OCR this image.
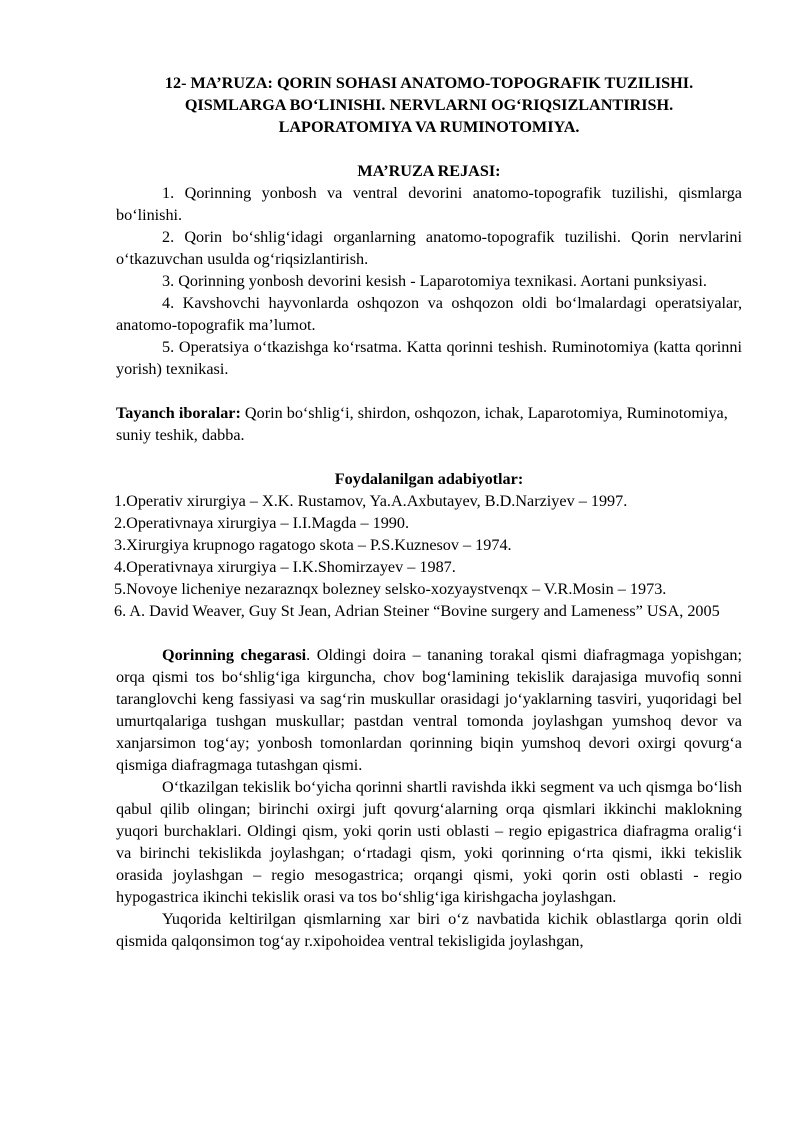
12- MA’RUZA: QORIN SOHASI ANATOMO-TOPOGRAFIK TUZILISHI.
QISMLARGA BO‘LINISHI. NERVLARNI OG‘RIQSIZLANTIRISH.
LAPORATOMIYA VA RUMINOTOMIYA.
MA’RUZA REJASI:

1. Qorinning yonbosh va ventral devorini anatomo-topografik tuzilishi, qismlarga bo‘linishi.

2. Qorin bo‘shlig‘idagi organlarning anatomo-topografik tuzilishi. Qorin nervlarini o‘tkazuvchan usulda og‘riqsizlantirish.

3. Qorinning yonbosh devorini kesish - Laparotomiya texnikasi. Aortani punksiyasi.

4. Kavshovchi hayvonlarda oshqozon va oshqozon oldi bo‘lmalardagi operatsiyalar, anatomo-topografik ma’lumot.

5. Operatsiya o‘tkazishga ko‘rsatma. Katta qorinni teshish. Ruminotomiya (katta qorinni yorish) texnikasi.

Tayanch iboralar: Qorin bo‘shlig‘i, shirdon, oshqozon, ichak, Laparotomiya, Ruminotomiya, suniy teshik, dabba.

Foydalanilgan adabiyotlar:

1.Operativ xirurgiya – X.K. Rustamov, Ya.A.Axbutayev, B.D.Narziyev – 1997.

2.Operativnaya xirurgiya – I.I.Magda – 1990.

3.Xirurgiya krupnogo ragatogo skota – P.S.Kuznesov – 1974.

4.Operativnaya xirurgiya – I.K.Shomirzayev – 1987.

5.Novoye licheniye nezaraznqx bolezney selsko-xozyaystvenqx – V.R.Mosin – 1973.

6. A. David Weaver, Guy St Jean, Adrian Steiner “Bovine surgery and Lameness” USA, 2005

Qorinning chegarasi. Oldingi doira – tananing torakal qismi diafragmaga yopishgan; orqa qismi tos bo‘shlig‘iga kirguncha, chov bog‘lamining tekislik darajasiga muvofiq sonni taranglovchi keng fassiyasi va sag‘rin muskullar orasidagi jo‘yaklarning tasviri, yuqoridagi bel umurtqalariga tushgan muskullar; pastdan ventral tomonda joylashgan yumshoq devor va xanjarsimon tog‘ay; yonbosh tomonlardan qorinning biqin yumshoq devori oxirgi qovurg‘a qismiga diafragmaga tutashgan qismi.

O‘tkazilgan tekislik bo‘yicha qorinni shartli ravishda ikki segment va uch qismga bo‘lish qabul qilib olingan; birinchi oxirgi juft qovurg‘alarning orqa qismlari ikkinchi maklokning yuqori burchaklari. Oldingi qism, yoki qorin usti oblasti – regio epigastrica diafragma oralig‘i va birinchi tekislikda joylashgan; o‘rtadagi qism, yoki qorinning o‘rta qismi, ikki tekislik orasida joylashgan – regio mesogastrica; orqangi qismi, yoki qorin osti oblasti - regio hypogastrica ikinchi tekislik orasi va tos bo‘shlig‘iga kirishgacha joylashgan.

Yuqorida keltirilgan qismlarning xar biri o‘z navbatida kichik oblastlarga qorin oldi qismida qalqonsimon tog‘ay r.xipohoidea ventral tekisligida joylashgan,
